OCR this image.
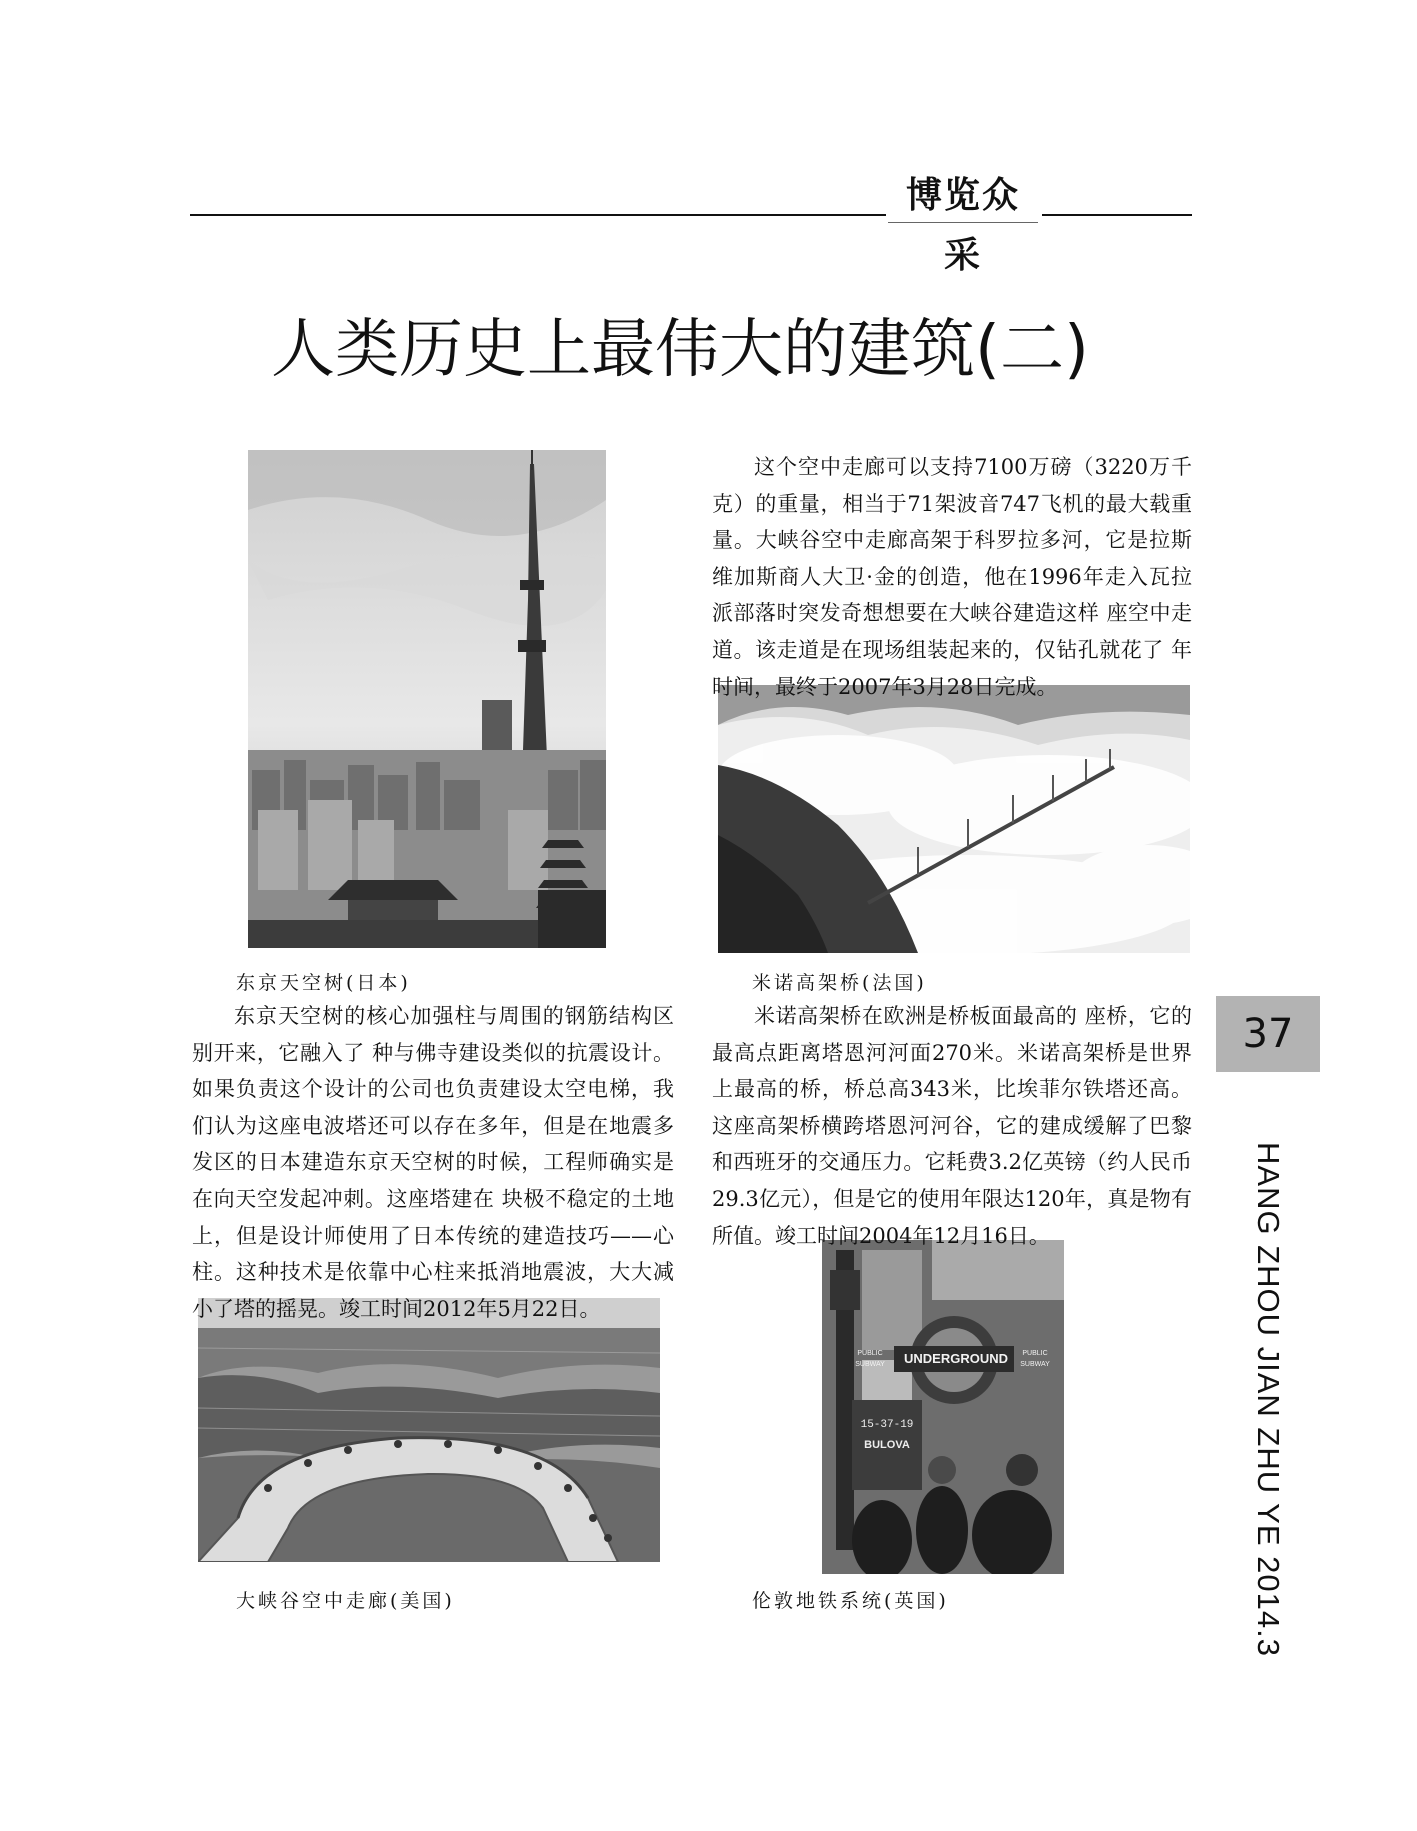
博览众采
人类历史上最伟大的建筑(二)
东京天空树(日本)	米诺高架桥(法国)
大峡谷空中走廊(美国)
UNDERGROUND
PUBLIC SUBWAY
PUBLIC SUBWAY
15-37-19
BULOVA
伦敦地铁系统(英国)

这个空中走廊可以支持7100万磅（3220万千克）的重量，相当于71架波音747飞机的最大载重量。大峡谷空中走廊高架于科罗拉多河，它是拉斯维加斯商人大卫·金的创造，他在1996年走入瓦拉派部落时突发奇想想要在大峡谷建造这样 座空中走道。该走道是在现场组装起来的，仅钻孔就花了 年时间，最终于2007年3月28日完成。

东京天空树的核心加强柱与周围的钢筋结构区别开来，它融入了 种与佛寺建设类似的抗震设计。如果负责这个设计的公司也负责建设太空电梯，我们认为这座电波塔还可以存在多年，但是在地震多发区的日本建造东京天空树的时候，工程师确实是在向天空发起冲刺。这座塔建在 块极不稳定的土地上，但是设计师使用了日本传统的建造技巧——心柱。这种技术是依靠中心柱来抵消地震波，大大减小了塔的摇晃。竣工时间2012年5月22日。

米诺高架桥在欧洲是桥板面最高的 座桥，它的最高点距离塔恩河河面270米。米诺高架桥是世界上最高的桥，桥总高343米，比埃菲尔铁塔还高。这座高架桥横跨塔恩河河谷，它的建成缓解了巴黎和西班牙的交通压力。它耗费3.2亿英镑（约人民币29.3亿元），但是它的使用年限达120年，真是物有所值。竣工时间2004年12月16日。

37
HANG ZHOU JIAN ZHU YE 2014.3
